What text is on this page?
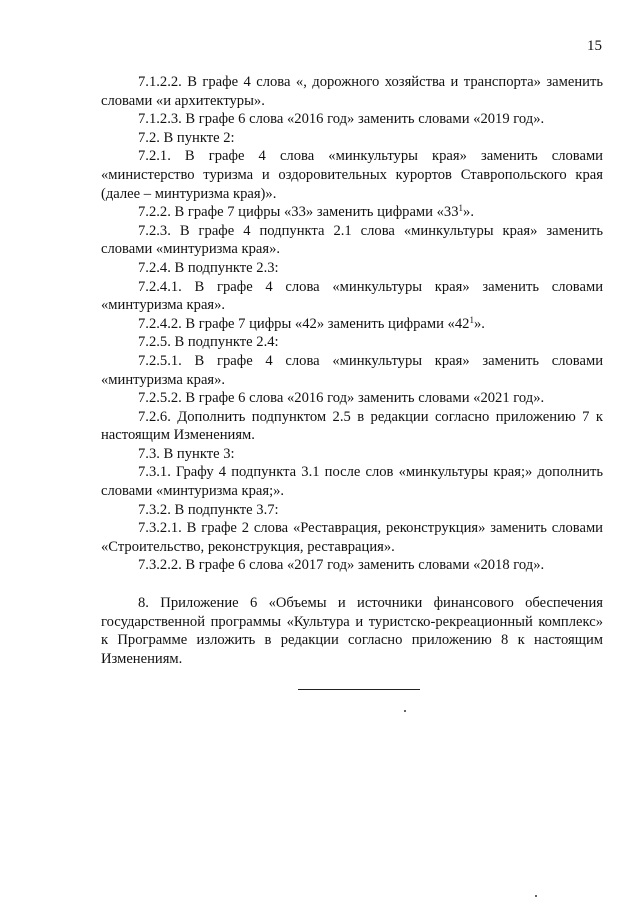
15

7.1.2.2. В графе 4 слова «, дорожного хозяйства и транспорта» заменить словами «и архитектуры».

7.1.2.3. В графе 6 слова «2016 год» заменить словами «2019 год».

7.2. В пункте 2:

7.2.1. В графе 4 слова «минкультуры края» заменить словами «министерство туризма и оздоровительных курортов Ставропольского края (далее – минтуризма края)».

7.2.2. В графе 7 цифры «33» заменить цифрами «$33^1$».

7.2.3. В графе 4 подпункта 2.1 слова «минкультуры края» заменить словами «минтуризма края».

7.2.4. В подпункте 2.3:

7.2.4.1. В графе 4 слова «минкультуры края» заменить словами «минтуризма края».

7.2.4.2. В графе 7 цифры «42» заменить цифрами «$42^1$».

7.2.5. В подпункте 2.4:

7.2.5.1. В графе 4 слова «минкультуры края» заменить словами «минтуризма края».

7.2.5.2. В графе 6 слова «2016 год» заменить словами «2021 год».

7.2.6. Дополнить подпунктом 2.5 в редакции согласно приложению 7 к настоящим Изменениям.

7.3. В пункте 3:

7.3.1. Графу 4 подпункта 3.1 после слов «минкультуры края;» дополнить словами «минтуризма края;».

7.3.2. В подпункте 3.7:

7.3.2.1. В графе 2 слова «Реставрация, реконструкция» заменить словами «Строительство, реконструкция, реставрация».

7.3.2.2. В графе 6 слова «2017 год» заменить словами «2018 год».

8. Приложение 6 «Объемы и источники финансового обеспечения государственной программы «Культура и туристско-рекреационный комплекс» к Программе изложить в редакции согласно приложению 8 к настоящим Изменениям.
